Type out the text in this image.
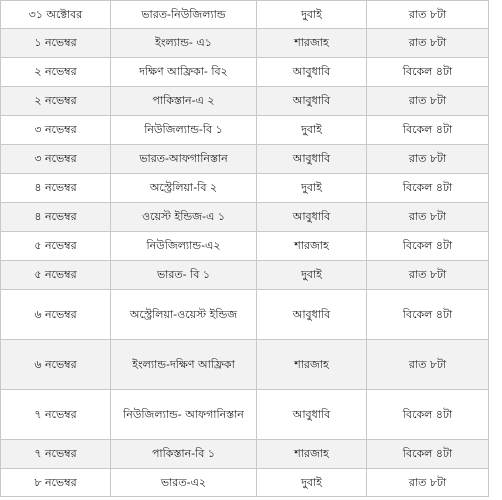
৩১ অক্টোবর	ভারত-নিউজিল্যান্ড	দুবাই	রাত ৮টা
১ নভেম্বর	ইংল্যান্ড- এ১	শারজাহ	রাত ৮টা
২ নভেম্বর	দক্ষিণ আফ্রিকা- বি২	আবুধাবি	বিকেল ৪টা
২ নভেম্বর	পাকিস্তান-এ ২	আবুধাবি	রাত ৮টা
৩ নভেম্বর	নিউজিল্যান্ড-বি ১	দুবাই	বিকেল ৪টা
৩ নভেম্বর	ভারত-আফগানিস্তান	আবুধাবি	রাত ৮টা
৪ নভেম্বর	অস্ট্রেলিয়া-বি ২	দুবাই	বিকেল ৪টা
৪ নভেম্বর	ওয়েস্ট ইন্ডিজ-এ ১	আবুধাবি	রাত ৮টা
৫ নভেম্বর	নিউজিল্যান্ড-এ২	শারজাহ	বিকেল ৪টা
৫ নভেম্বর	ভারত- বি ১	দুবাই	রাত ৮টা
৬ নভেম্বর	অস্ট্রেলিয়া-ওয়েস্ট ইন্ডিজ	আবুধাবি	বিকেল ৪টা
৬ নভেম্বর	ইংল্যান্ড-দক্ষিণ আফ্রিকা	শারজাহ	রাত ৮টা
৭ নভেম্বর	নিউজিল্যান্ড- আফগানিস্তান	আবুধাবি	বিকেল ৪টা
৭ নভেম্বর	পাকিস্তান-বি ১	শারজাহ	বিকেল ৪টা
৮ নভেম্বর	ভারত-এ২	দুবাই	রাত ৮টা
